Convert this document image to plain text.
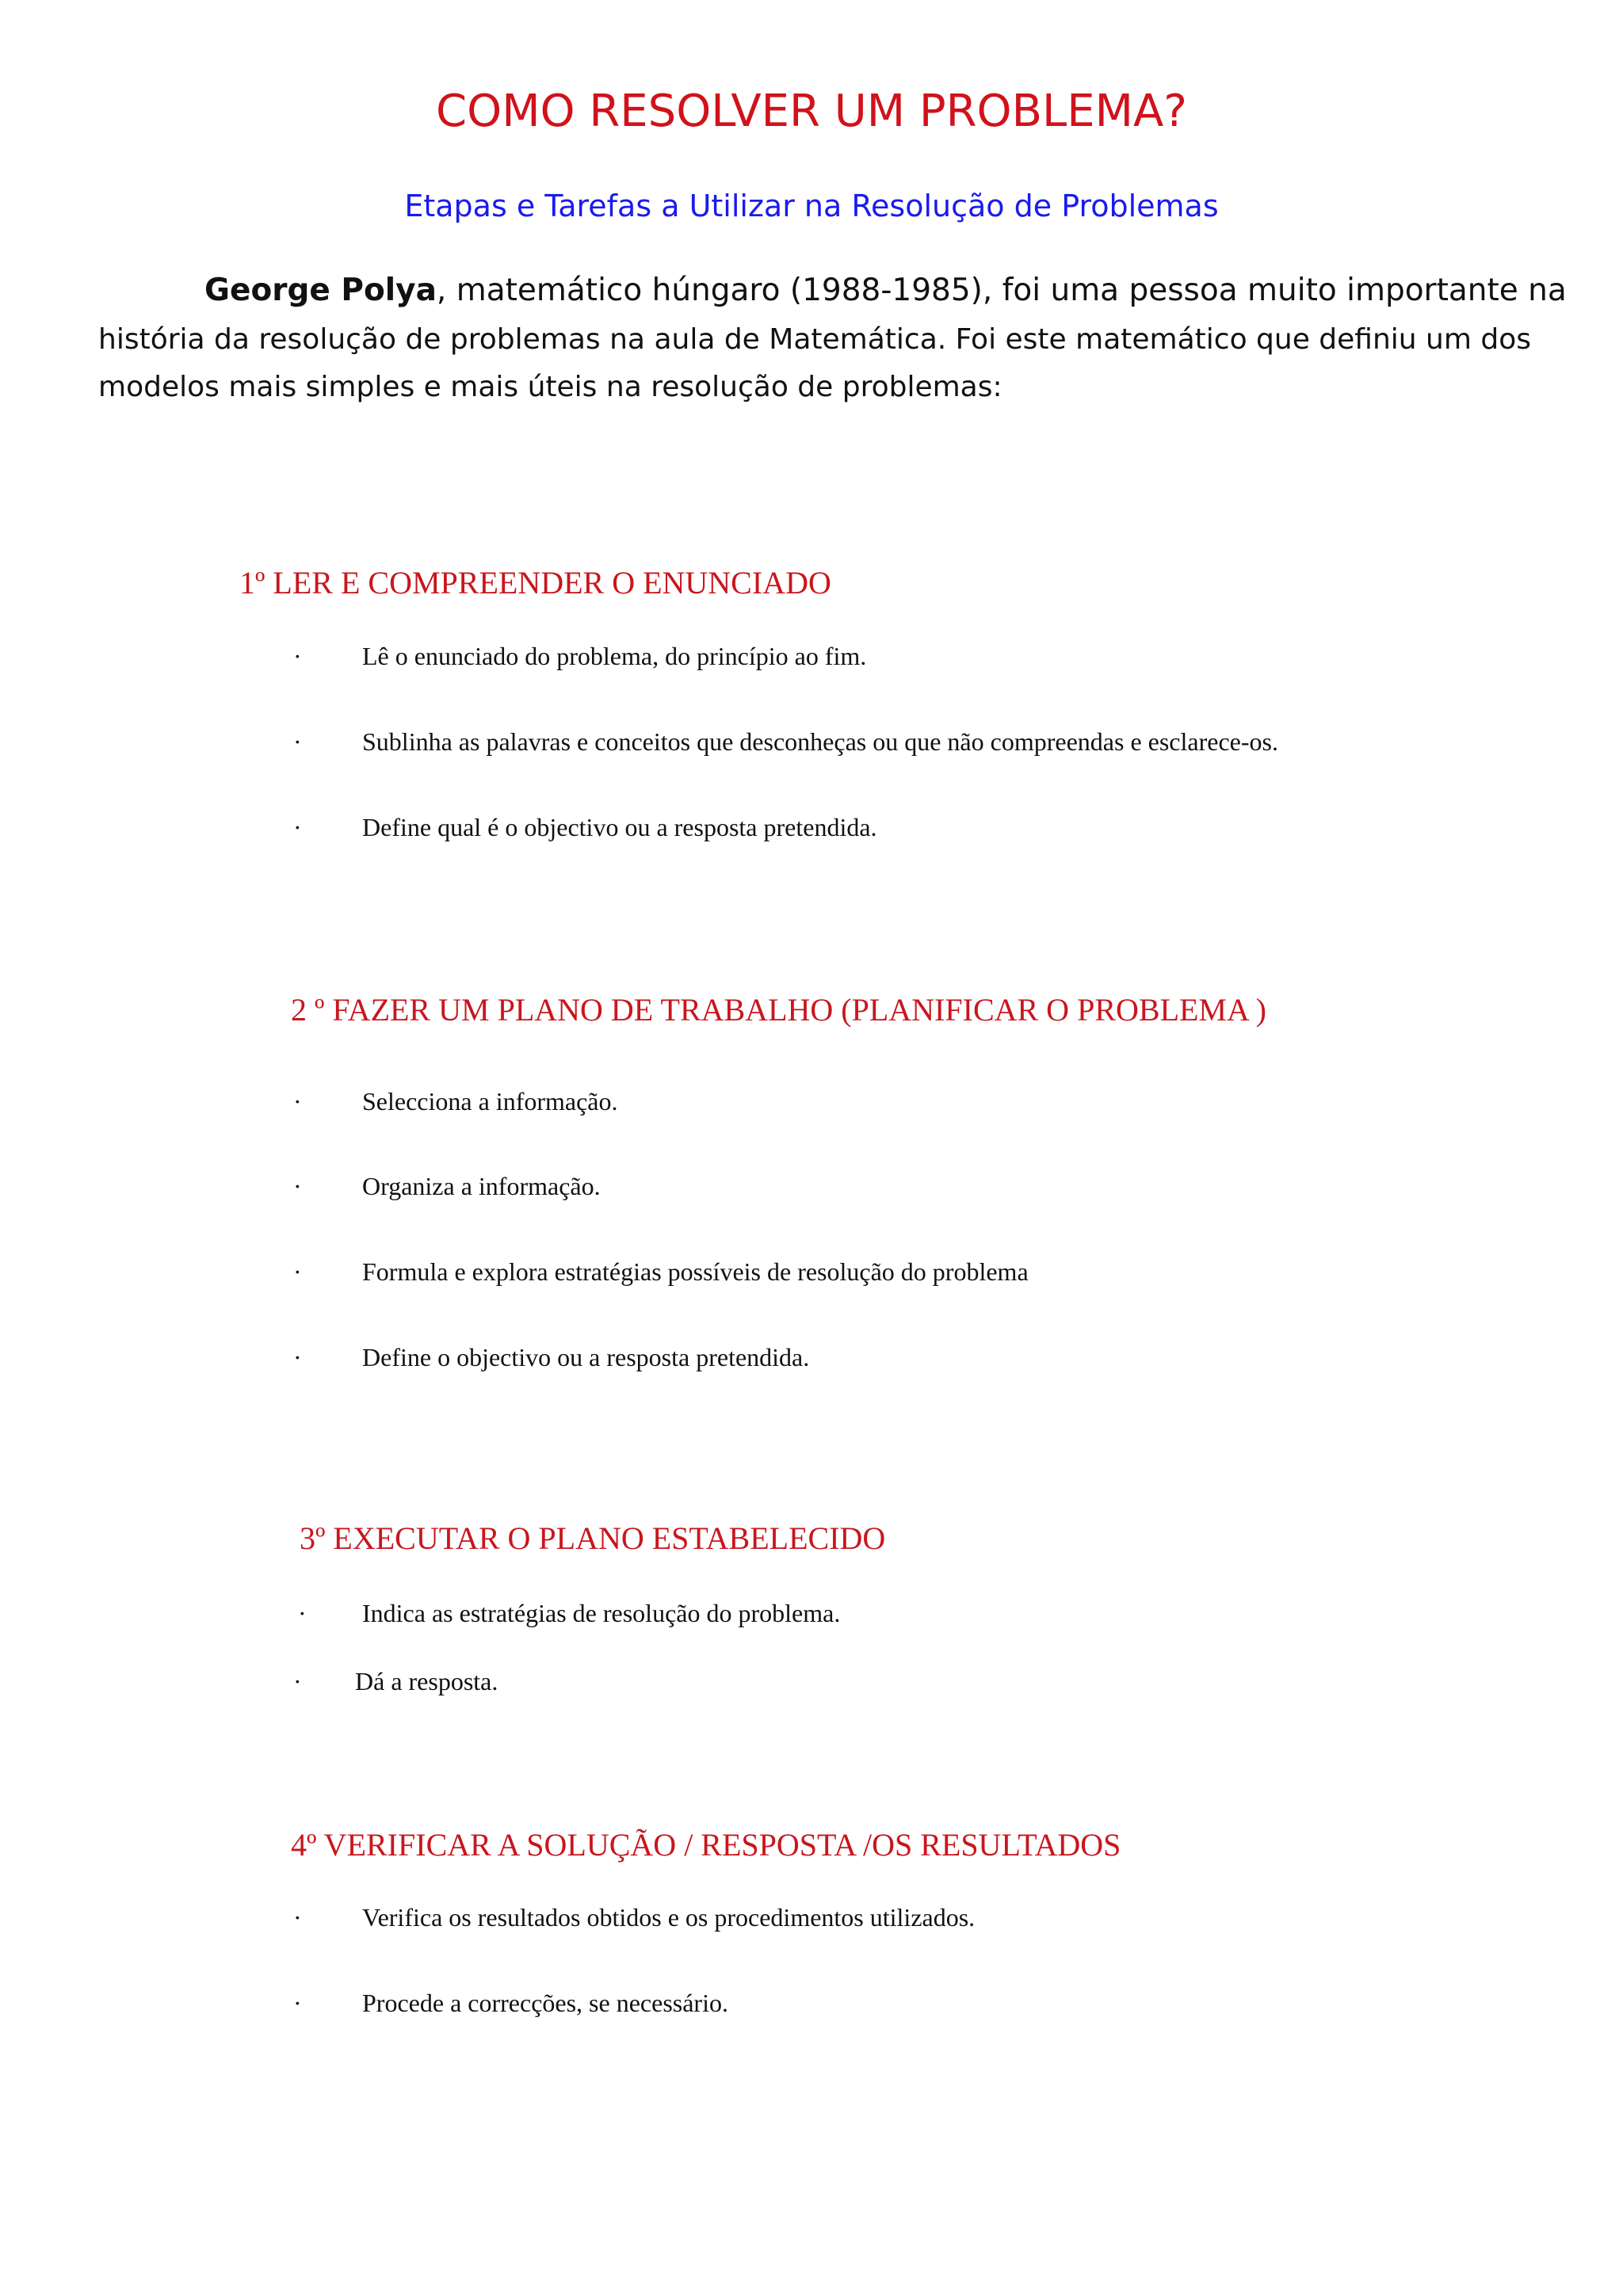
COMO RESOLVER UM PROBLEMA?
Etapas e Tarefas a Utilizar na Resolução de Problemas
George Polya, matemático húngaro (1988-1985), foi uma pessoa muito importante na
história da resolução de problemas na aula de Matemática. Foi este matemático que definiu um dos
modelos mais simples e mais úteis na resolução de problemas:
1º LER E COMPREENDER O ENUNCIADO
· Lê o enunciado do problema, do princípio ao fim.
· Sublinha as palavras e conceitos que desconheças ou que não compreendas e esclarece-os.
· Define qual é o objectivo ou a resposta pretendida.
2 º FAZER UM PLANO DE TRABALHO (PLANIFICAR O PROBLEMA )
· Selecciona a informação.
· Organiza a informação.
· Formula e explora estratégias possíveis de resolução do problema
· Define o objectivo ou a resposta pretendida.
3º EXECUTAR O PLANO ESTABELECIDO
· Indica as estratégias de resolução do problema.
· Dá a resposta.
4º VERIFICAR A SOLUÇÃO / RESPOSTA /OS RESULTADOS
· Verifica os resultados obtidos e os procedimentos utilizados.
· Procede a correcções, se necessário.
